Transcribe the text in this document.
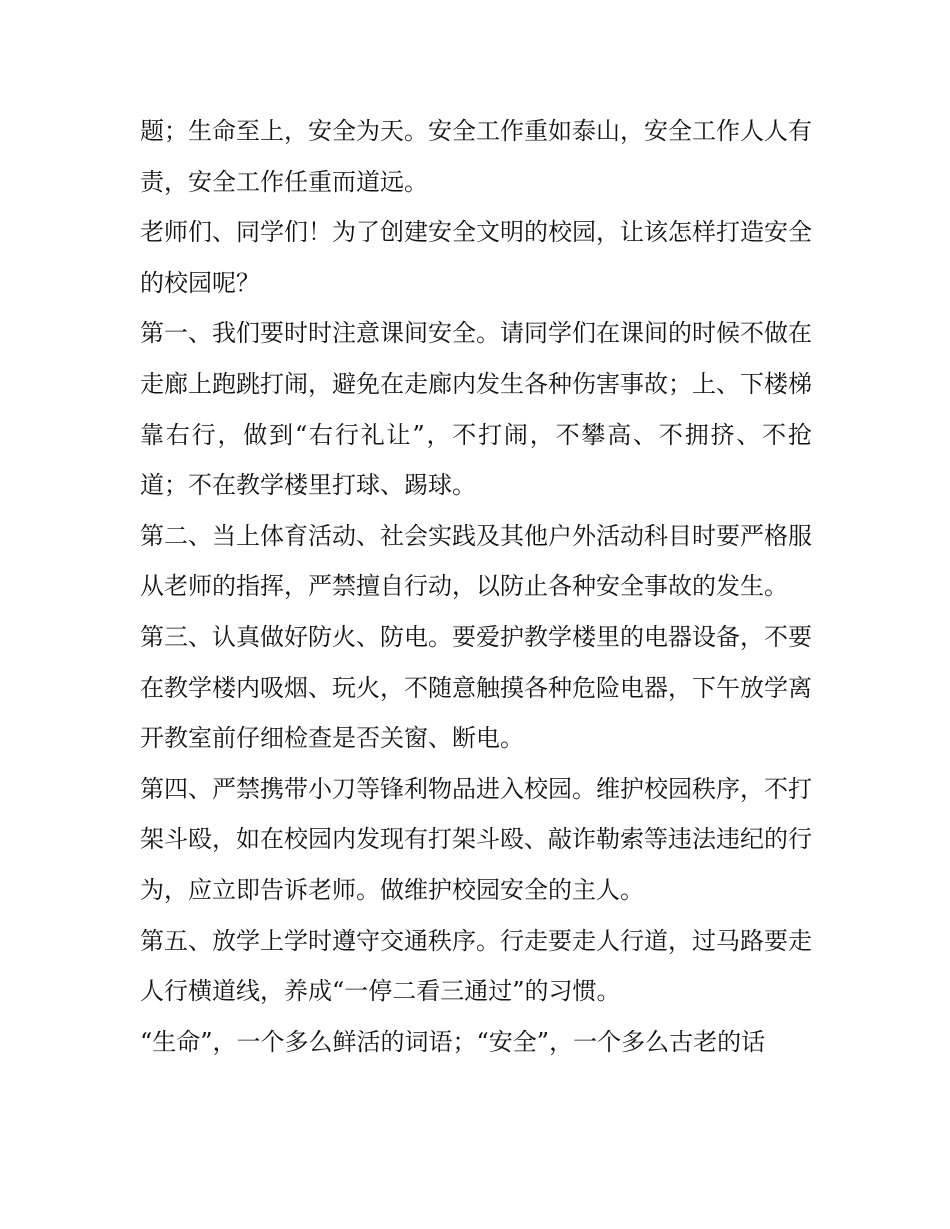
题；生命至上，安全为天。安全工作重如泰山，安全工作人人有责，安全工作任重而道远。

老师们、同学们！为了创建安全文明的校园，让该怎样打造安全的校园呢？

第一、我们要时时注意课间安全。请同学们在课间的时候不做在走廊上跑跳打闹，避免在走廊内发生各种伤害事故；上、下楼梯靠右行，做到“右行礼让”，不打闹，不攀高、不拥挤、不抢道；不在教学楼里打球、踢球。

第二、当上体育活动、社会实践及其他户外活动科目时要严格服从老师的指挥，严禁擅自行动，以防止各种安全事故的发生。

第三、认真做好防火、防电。要爱护教学楼里的电器设备，不要在教学楼内吸烟、玩火，不随意触摸各种危险电器，下午放学离开教室前仔细检查是否关窗、断电。

第四、严禁携带小刀等锋利物品进入校园。维护校园秩序，不打架斗殴，如在校园内发现有打架斗殴、敲诈勒索等违法违纪的行为，应立即告诉老师。做维护校园安全的主人。

第五、放学上学时遵守交通秩序。行走要走人行道，过马路要走人行横道线，养成“一停二看三通过”的习惯。

“生命”，一个多么鲜活的词语；“安全”，一个多么古老的话
